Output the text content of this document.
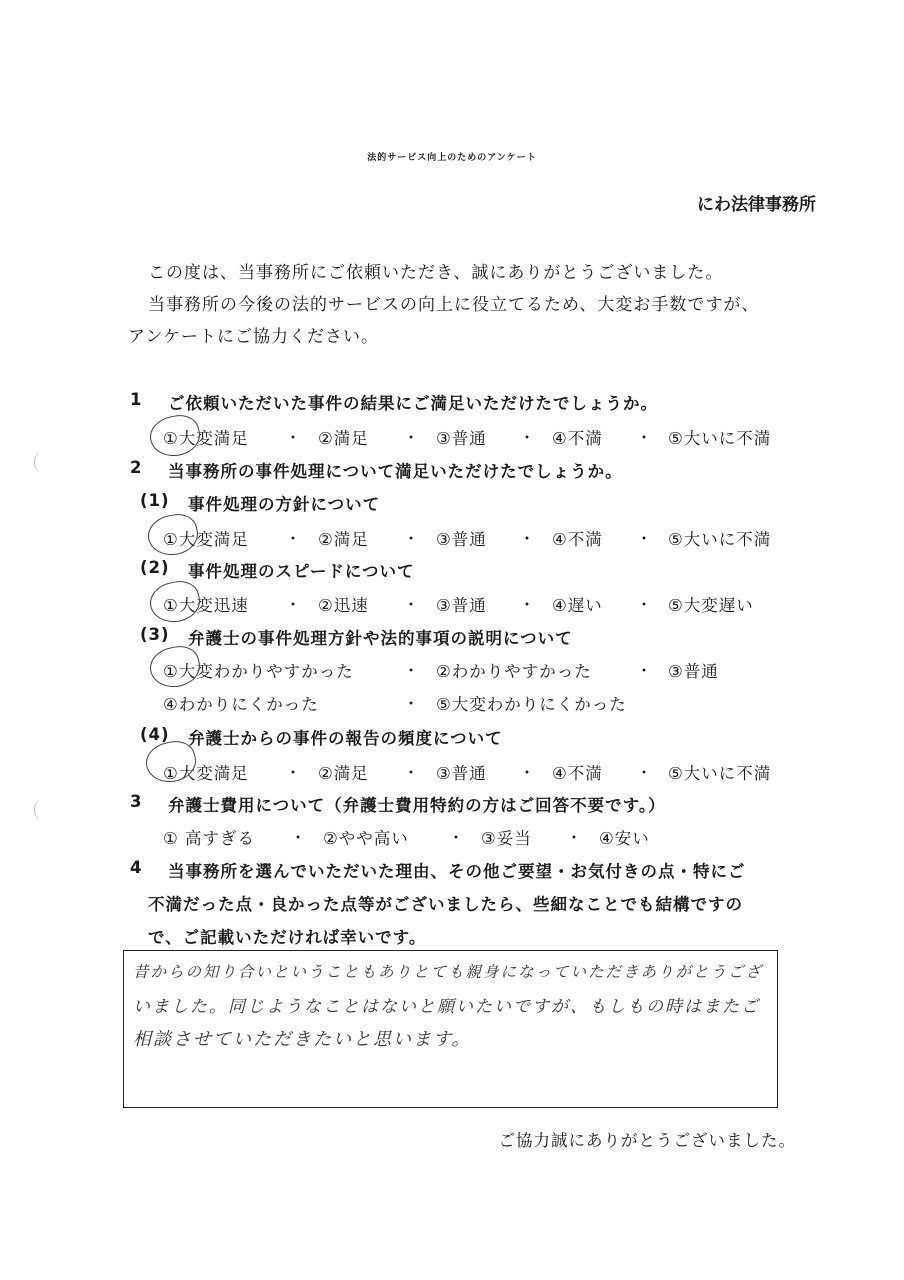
法的サービス向上のためのアンケート
にわ法律事務所
この度は、当事務所にご依頼いただき、誠にありがとうございました。
当事務所の今後の法的サービスの向上に役立てるため、大変お手数ですが、
アンケートにご協力ください。
1 ご依頼いただいた事件の結果にご満足いただけたでしょうか。
①大変満足 ・ ②満足 ・ ③普通 ・ ④不満 ・ ⑤大いに不満
2 当事務所の事件処理について満足いただけたでしょうか。
(1) 事件処理の方針について
①大変満足 ・ ②満足 ・ ③普通 ・ ④不満 ・ ⑤大いに不満
(2) 事件処理のスピードについて
①大変迅速 ・ ②迅速 ・ ③普通 ・ ④遅い ・ ⑤大変遅い
(3) 弁護士の事件処理方針や法的事項の説明について
①大変わかりやすかった	・ ②わかりやすかった	・ ③普通
④わかりにくかった	・ ⑤大変わかりにくかった
(4) 弁護士からの事件の報告の頻度について
①大変満足 ・ ②満足 ・ ③普通 ・ ④不満 ・ ⑤大いに不満
3 弁護士費用について（弁護士費用特約の方はご回答不要です。）
① 高すぎる ・ ②やや高い ・ ③妥当 ・ ④安い
4 当事務所を選んでいただいた理由、その他ご要望・お気付きの点・特にご
不満だった点・良かった点等がございましたら、些細なことでも結構ですの
で、ご記載いただければ幸いです。
昔からの知り合いということもありとても親身になっていただきありがとうござ
いました。同じようなことはないと願いたいですが、もしもの時はまたご
相談させていただきたいと思います。
ご協力誠にありがとうございました。
